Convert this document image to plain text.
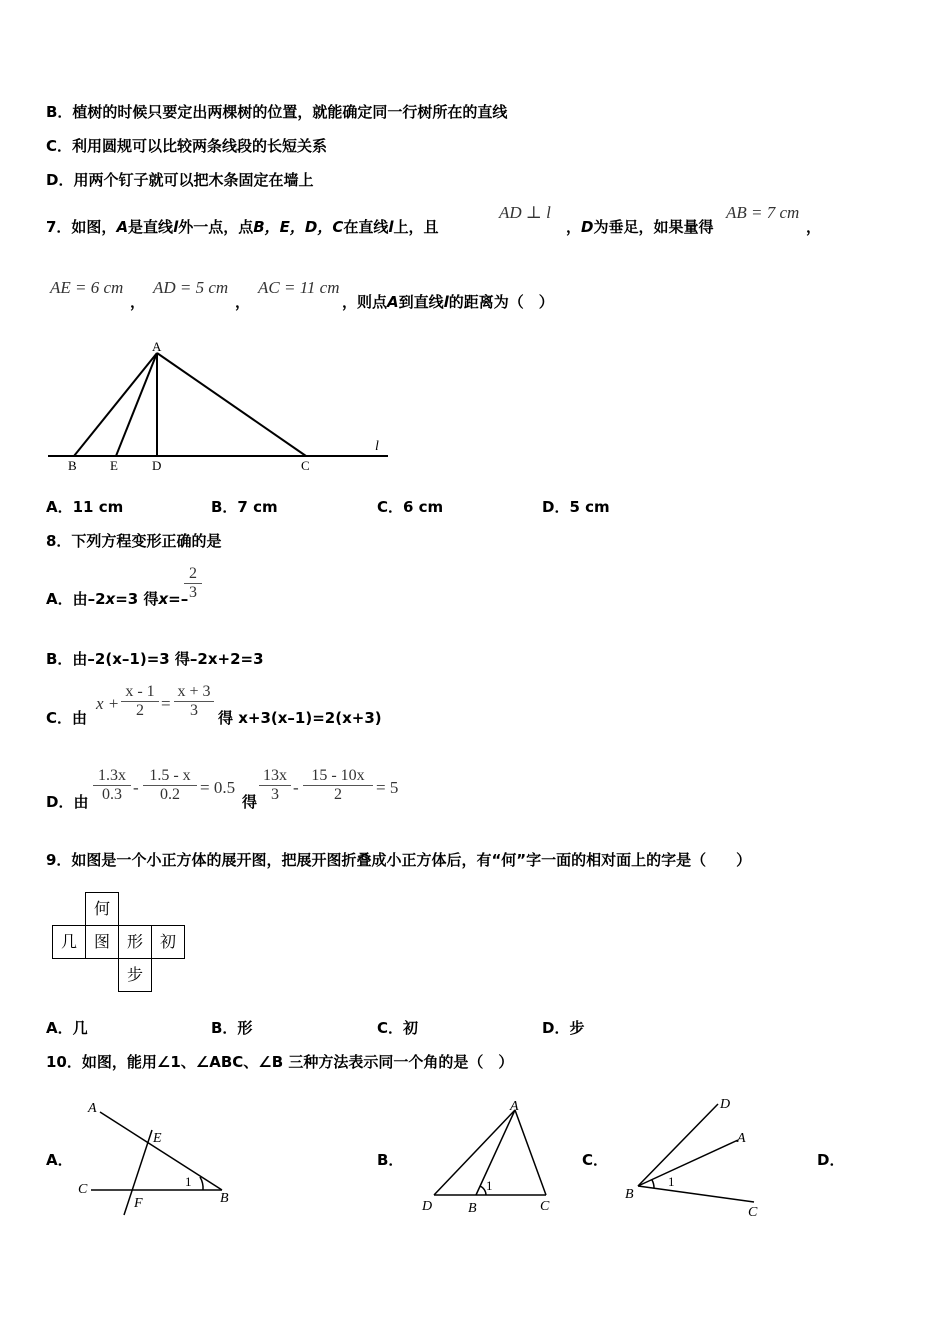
B．植树的时候只要定出两棵树的位置，就能确定同一行树所在的直线
C．利用圆规可以比较两条线段的长短关系
D．用两个钉子就可以把木条固定在墙上
7．如图，A是直线l外一点，点B，E，D，C在直线l上，且
AD ⊥ l
，D为垂足，如果量得
AB = 7 cm
，
AE = 6 cm
，
AD = 5 cm
，
AC = 11 cm
，则点A到直线l的距离为（　）
A
B	E	D	C
l
A．11 cm	B．7 cm	C．6 cm	D．5 cm
8．下列方程变形正确的是
A．由–2x=3 得x=–
$\frac{2}{3}$
B．由–2(x–1)=3 得–2x+2=3
C．由
$x + \frac{x - 1}{2} = \frac{x + 3}{3}$ 得 x+3(x–1)=2(x+3)
D．由 $\frac{1.3x}{0.3} - \frac{1.5 - x}{0.2} = 0.5$
得 $\frac{13x}{3} - \frac{15 - 10x}{2} = 5$
9．如图是一个小正方体的展开图，把展开图折叠成小正方体后，有“何”字一面的相对面上的字是（　　）
何
几	图	形	初
步
A．几	B．形	C．初	D．步
10．如图，能用∠1、∠ABC、∠B 三种方法表示同一个角的是（　）
A．	B．	C．	D．
A
E
C
F	B
1
A
D	B	C
1
D
A
B
C
1
